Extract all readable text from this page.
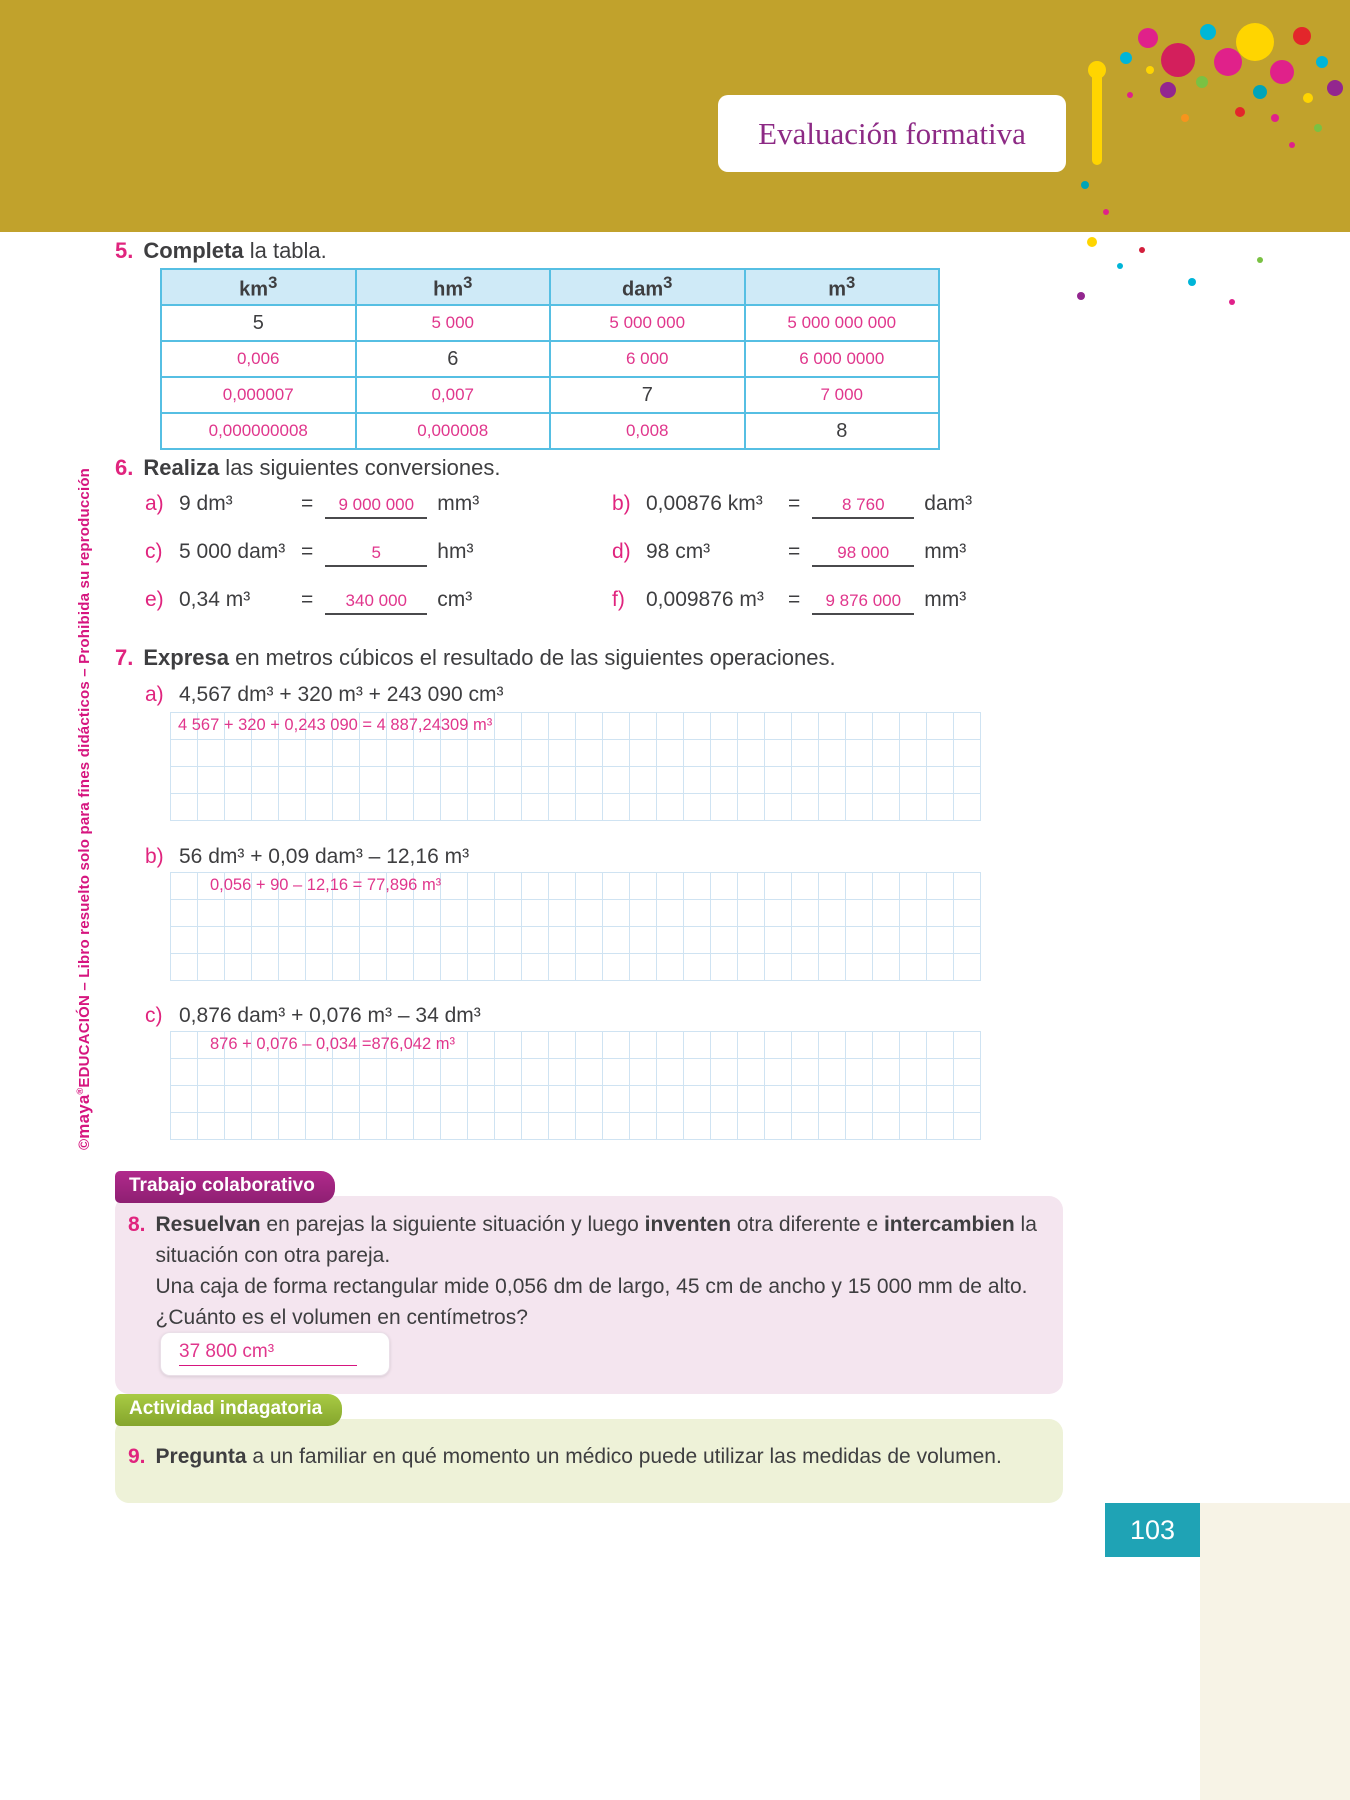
Evaluación formativa
©maya®EDUCACIÓN – Libro resuelto solo para fines didácticos – Prohibida su reproducción
5. Completa la tabla.
$km^3$	$hm^3$	dam$^3$	$m^3$
5	5 000	5 000 000	5 000 000 000
0,006	6	6 000	6 000 0000
0,000007	0,007	7	7 000
0,000000008	0,000008	0,008	8
6. Realiza las siguientes conversiones.
a) 9 dm³	=	9 000 000	mm³	b) 0,00876 km³	=	8 760	dam³
c) 5 000 dam³ =	5	hm³	d) 98 cm³	=	98 000	mm³
e) 0,34 m³	=	340 000	cm³	f)	0,009876 m³	=	9 876 000	mm³
7. Expresa en metros cúbicos el resultado de las siguientes operaciones.
a) 4,567 dm³ + 320 m³ + 243 090 cm³
4 567 + 320 + 0,243 090 = 4 887,24309 m³
b) 56 dm³ + 0,09 dam³ – 12,16 m³
0,056 + 90 – 12,16 = 77,896 m³
c) 0,876 dam³ + 0,076 m³ – 34 dm³
876 + 0,076 – 0,034 =876,042 m³
Trabajo colaborativo
8. Resuelvan en parejas la siguiente situación y luego inventen otra diferente e intercambien la situación con otra pareja.
Una caja de forma rectangular mide 0,056 dm de largo, 45 cm de ancho y 15 000 mm de alto.
¿Cuánto es el volumen en centímetros?
37 800 cm³
Actividad indagatoria
9. Pregunta a un familiar en qué momento un médico puede utilizar las medidas de volumen.
103
